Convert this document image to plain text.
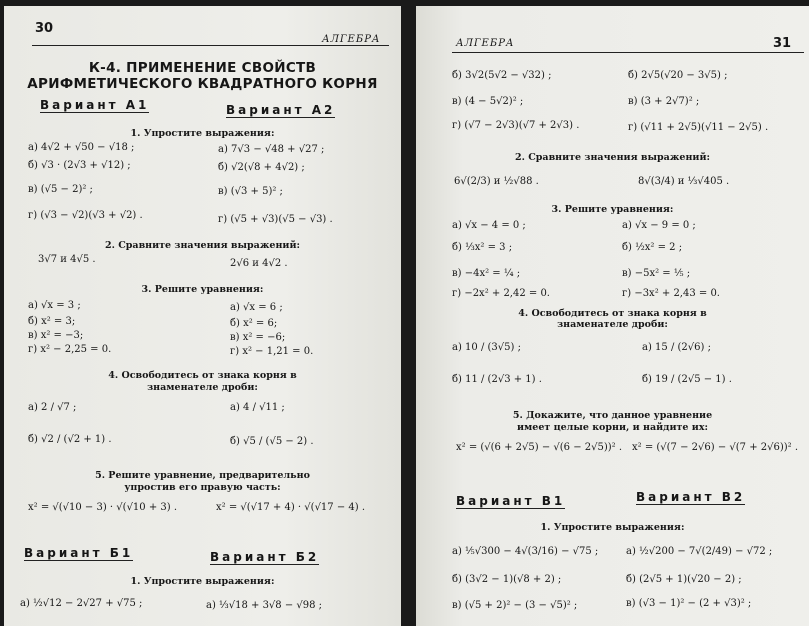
30
АЛГЕБРА
К-4. ПРИМЕНЕНИЕ СВОЙСТВ
АРИФМЕТИЧЕСКОГО КВАДРАТНОГО КОРНЯ
Вариант А1	Вариант А2
1. Упростите выражения:
а) 4√2 + √50 − √18 ;
б) √3 · (2√3 + √12) ;
в) (√5 − 2)² ;
г) (√3 − √2)(√3 + √2) .
а) 7√3 − √48 + √27 ;
б) √2(√8 + 4√2) ;
в) (√3 + 5)² ;
г) (√5 + √3)(√5 − √3) .
2. Сравните значения выражений:
3√7 и 4√5 .	2√6 и 4√2 .
3. Решите уравнения:
а) √x = 3 ;
б) x² = 3;
в) x² = −3;
г) x² − 2,25 = 0.
а) √x = 6 ;
б) x² = 6;
в) x² = −6;
г) x² − 1,21 = 0.
4. Освободитесь от знака корня в
знаменателе дроби:
а) 2 / √7 ;
б) √2 / (√2 + 1) .
а) 4 / √11 ;
б) √5 / (√5 − 2) .
5. Решите уравнение, предварительно
упростив его правую часть:
x² = √(√10 − 3) · √(√10 + 3) .	x² = √(√17 + 4) · √(√17 − 4) .
Вариант Б1	Вариант Б2
1. Упростите выражения:
а) ½√12 − 2√27 + √75 ;	а) ⅓√18 + 3√8 − √98 ;
АЛГЕБРА	31
б) 3√2(5√2 − √32) ;
в) (4 − 5√2)² ;
г) (√7 − 2√3)(√7 + 2√3) .
б) 2√5(√20 − 3√5) ;
в) (3 + 2√7)² ;
г) (√11 + 2√5)(√11 − 2√5) .
2. Сравните значения выражений:
6√(2/3) и ½√88 .	8√(3/4) и ⅓√405 .
3. Решите уравнения:
а) √x − 4 = 0 ;
б) ⅓x² = 3 ;
в) −4x² = ¼ ;
г) −2x² + 2,42 = 0.
а) √x − 9 = 0 ;
б) ½x² = 2 ;
в) −5x² = ⅕ ;
г) −3x² + 2,43 = 0.
4. Освободитесь от знака корня в
знаменателе дроби:
а) 10 / (3√5) ;
б) 11 / (2√3 + 1) .
а) 15 / (2√6) ;
б) 19 / (2√5 − 1) .
5. Докажите, что данное уравнение
имеет целые корни, и найдите их:
x² = (√(6 + 2√5) − √(6 − 2√5))² . x² = (√(7 − 2√6) − √(7 + 2√6))² .
Вариант В1	Вариант В2
1. Упростите выражения:
а) ⅕√300 − 4√(3/16) − √75 ;
б) (3√2 − 1)(√8 + 2) ;
в) (√5 + 2)² − (3 − √5)² ;
а) ½√200 − 7√(2/49) − √72 ;
б) (2√5 + 1)(√20 − 2) ;
в) (√3 − 1)² − (2 + √3)² ;
